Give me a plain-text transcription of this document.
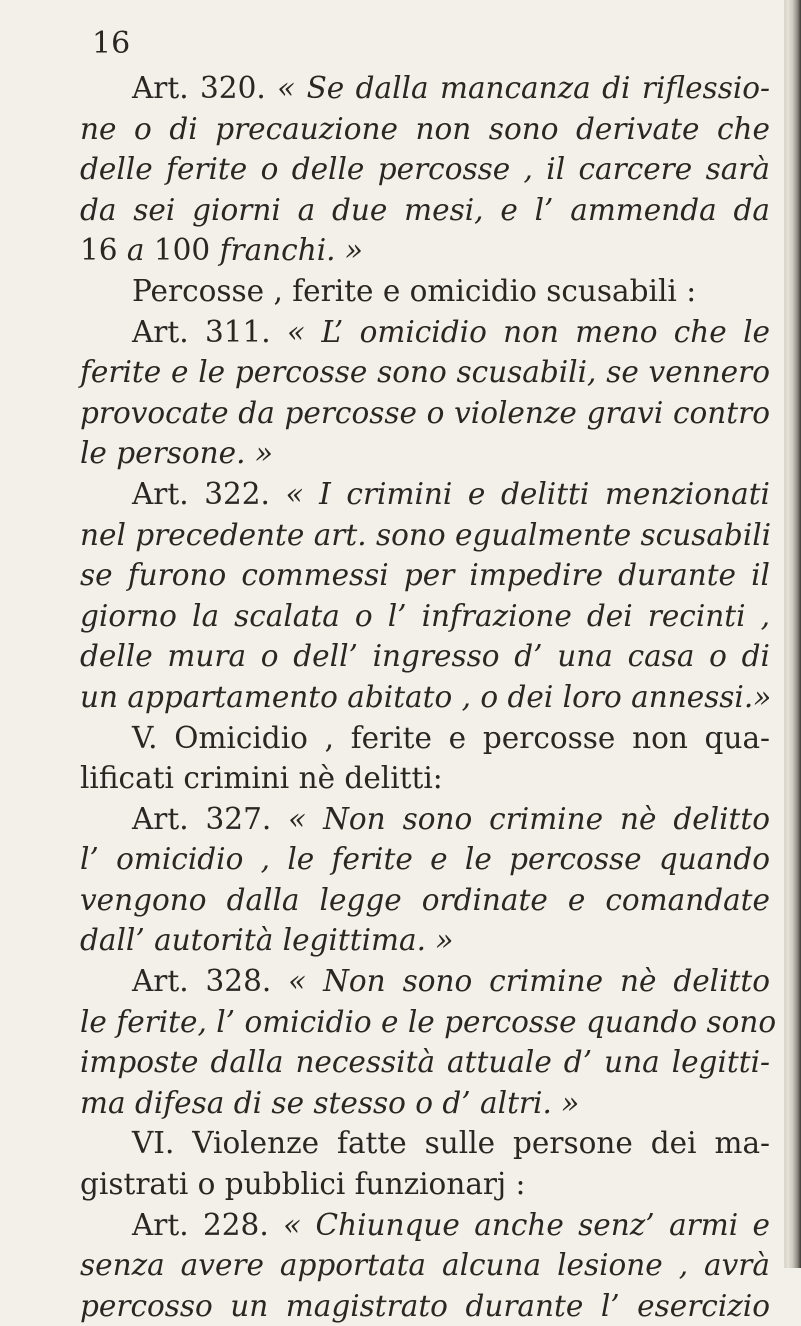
16
Art. 320. « Se dalla mancanza di riflessio-
ne o di precauzione non sono derivate che
delle ferite o delle percosse , il carcere sarà
da sei giorni a due mesi, e l’ ammenda da
16 a 100 franchi. »
Percosse , ferite e omicidio scusabili :
Art. 311. « L’ omicidio non meno che le
ferite e le percosse sono scusabili, se vennero
provocate da percosse o violenze gravi contro
le persone. »
Art. 322. « I crimini e delitti menzionati
nel precedente art. sono egualmente scusabili
se furono commessi per impedire durante il
giorno la scalata o l’ infrazione dei recinti ,
delle mura o dell’ ingresso d’ una casa o di
un appartamento abitato , o dei loro annessi.»
V. Omicidio , ferite e percosse non qua-
lificati crimini nè delitti:
Art. 327. « Non sono crimine nè delitto
l’ omicidio , le ferite e le percosse quando
vengono dalla legge ordinate e comandate
dall’ autorità legittima. »
Art. 328. « Non sono crimine nè delitto
le ferite, l’ omicidio e le percosse quando sono
imposte dalla necessità attuale d’ una legitti-
ma difesa di se stesso o d’ altri. »
VI. Violenze fatte sulle persone dei ma-
gistrati o pubblici funzionarj :
Art. 228. « Chiunque anche senz’ armi e
senza avere apportata alcuna lesione , avrà
percosso un magistrato durante l’ esercizio
